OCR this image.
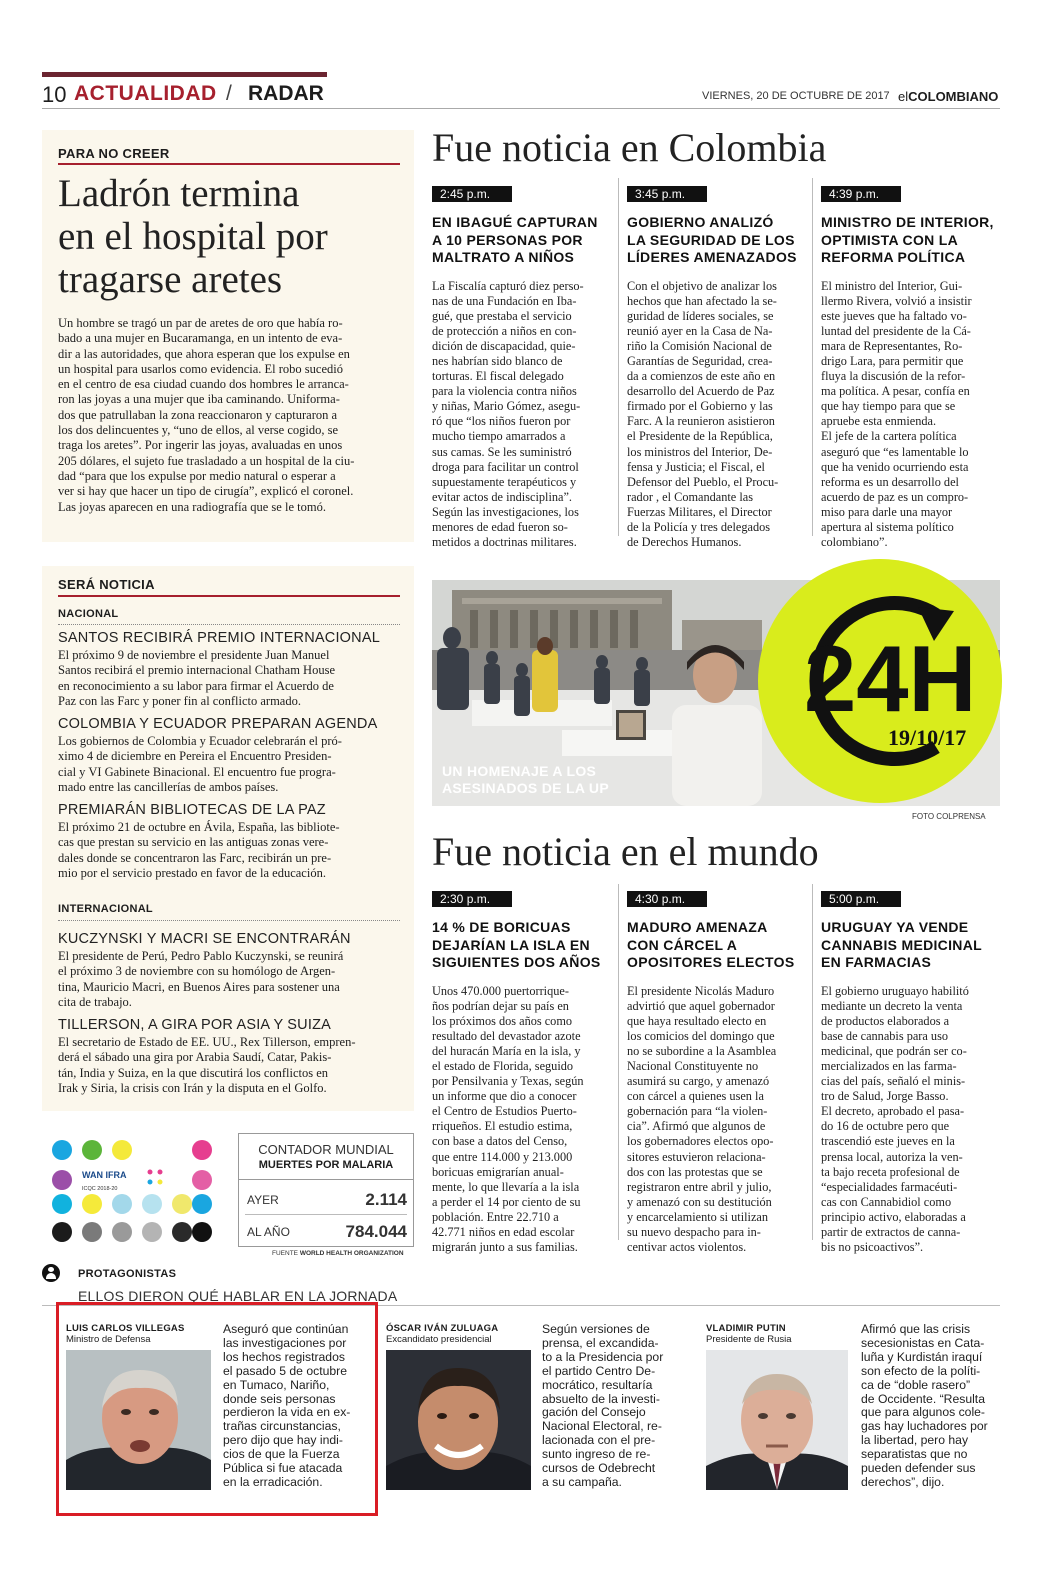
10 ACTUALIDAD / RADAR	VIERNES, 20 DE OCTUBRE DE 2017 elCOLOMBIANO
PARA NO CREER
Ladrón termina
en el hospital por
tragarse aretes
Un hombre se tragó un par de aretes de oro que había ro-
bado a una mujer en Bucaramanga, en un intento de eva-
dir a las autoridades, que ahora esperan que los expulse en
un hospital para usarlos como evidencia. El robo sucedió
en el centro de esa ciudad cuando dos hombres le arranca-
ron las joyas a una mujer que iba caminando. Uniforma-
dos que patrullaban la zona reaccionaron y capturaron a
los dos delincuentes y, “uno de ellos, al verse cogido, se
traga los aretes”. Por ingerir las joyas, avaluadas en unos
205 dólares, el sujeto fue trasladado a un hospital de la ciu-
dad “para que los expulse por medio natural o esperar a
ver si hay que hacer un tipo de cirugía”, explicó el coronel.
Las joyas aparecen en una radiografía que se le tomó.
SERÁ NOTICIA
NACIONAL
SANTOS RECIBIRÁ PREMIO INTERNACIONAL
El próximo 9 de noviembre el presidente Juan Manuel
Santos recibirá el premio internacional Chatham House
en reconocimiento a su labor para firmar el Acuerdo de
Paz con las Farc y poner fin al conflicto armado.
COLOMBIA Y ECUADOR PREPARAN AGENDA
Los gobiernos de Colombia y Ecuador celebrarán el pró-
ximo 4 de diciembre en Pereira el Encuentro Presiden-
cial y VI Gabinete Binacional. El encuentro fue progra-
mado entre las cancillerías de ambos países.
PREMIARÁN BIBLIOTECAS DE LA PAZ
El próximo 21 de octubre en Ávila, España, las bibliote-
cas que prestan su servicio en las antiguas zonas vere-
dales donde se concentraron las Farc, recibirán un pre-
mio por el servicio prestado en favor de la educación.
INTERNACIONAL
KUCZYNSKI Y MACRI SE ENCONTRARÁN
El presidente de Perú, Pedro Pablo Kuczynski, se reunirá
el próximo 3 de noviembre con su homólogo de Argen-
tina, Mauricio Macri, en Buenos Aires para sostener una
cita de trabajo.
TILLERSON, A GIRA POR ASIA Y SUIZA
El secretario de Estado de EE. UU., Rex Tillerson, empren-
derá el sábado una gira por Arabia Saudí, Catar, Pakis-
tán, India y Suiza, en la que discutirá los conflictos en
Irak y Siria, la crisis con Irán y la disputa en el Golfo.
Fue noticia en Colombia
2:45 p.m.
EN IBAGUÉ CAPTURAN
A 10 PERSONAS POR
MALTRATO A NIÑOS
La Fiscalía capturó diez perso-
nas de una Fundación en Iba-
gué, que prestaba el servicio
de protección a niños en con-
dición de discapacidad, quie-
nes habrían sido blanco de
torturas. El fiscal delegado
para la violencia contra niños
y niñas, Mario Gómez, asegu-
ró que “los niños fueron por
mucho tiempo amarrados a
sus camas. Se les suministró
droga para facilitar un control
supuestamente terapéuticos y
evitar actos de indisciplina”.
Según las investigaciones, los
menores de edad fueron so-
metidos a doctrinas militares.
3:45 p.m.
GOBIERNO ANALIZÓ
LA SEGURIDAD DE LOS
LÍDERES AMENAZADOS
Con el objetivo de analizar los
hechos que han afectado la se-
guridad de líderes sociales, se
reunió ayer en la Casa de Na-
riño la Comisión Nacional de
Garantías de Seguridad, crea-
da a comienzos de este año en
desarrollo del Acuerdo de Paz
firmado por el Gobierno y las
Farc. A la reunieron asistieron
el Presidente de la República,
los ministros del Interior, De-
fensa y Justicia; el Fiscal, el
Defensor del Pueblo, el Procu-
rador , el Comandante las
Fuerzas Militares, el Director
de la Policía y tres delegados
de Derechos Humanos.
4:39 p.m.
MINISTRO DE INTERIOR,
OPTIMISTA CON LA
REFORMA POLÍTICA
El ministro del Interior, Gui-
llermo Rivera, volvió a insistir
este jueves que ha faltado vo-
luntad del presidente de la Cá-
mara de Representantes, Ro-
drigo Lara, para permitir que
fluya la discusión de la refor-
ma política. A pesar, confía en
que hay tiempo para que se
apruebe esta enmienda.
El jefe de la cartera política
aseguró que “es lamentable lo
que ha venido ocurriendo esta
reforma es un desarrollo del
acuerdo de paz es un compro-
miso para darle una mayor
apertura al sistema político
colombiano”.
UN HOMENAJE A LOS
ASESINADOS DE LA UP
24H
19/10/17
FOTO COLPRENSA
Fue noticia en el mundo
2:30 p.m.
14 % DE BORICUAS
DEJARÍAN LA ISLA EN
SIGUIENTES DOS AÑOS
Unos 470.000 puertorrique-
ños podrían dejar su país en
los próximos dos años como
resultado del devastador azote
del huracán María en la isla, y
el estado de Florida, seguido
por Pensilvania y Texas, según
un informe que dio a conocer
el Centro de Estudios Puerto-
rriqueños. El estudio estima,
con base a datos del Censo,
que entre 114.000 y 213.000
boricuas emigrarían anual-
mente, lo que llevaría a la isla
a perder el 14 por ciento de su
población. Entre 22.710 a
42.771 niños en edad escolar
migrarán junto a sus familias.
4:30 p.m.
MADURO AMENAZA
CON CÁRCEL A
OPOSITORES ELECTOS
El presidente Nicolás Maduro
advirtió que aquel gobernador
que haya resultado electo en
los comicios del domingo que
no se subordine a la Asamblea
Nacional Constituyente no
asumirá su cargo, y amenazó
con cárcel a quienes usen la
gobernación para “la violen-
cia”. Afirmó que algunos de
los gobernadores electos opo-
sitores estuvieron relaciona-
dos con las protestas que se
registraron entre abril y julio,
y amenazó con su destitución
y encarcelamiento si utilizan
su nuevo despacho para in-
centivar actos violentos.
5:00 p.m.
URUGUAY YA VENDE
CANNABIS MEDICINAL
EN FARMACIAS
El gobierno uruguayo habilitó
mediante un decreto la venta
de productos elaborados a
base de cannabis para uso
medicinal, que podrán ser co-
mercializados en las farma-
cias del país, señaló el minis-
tro de Salud, Jorge Basso.
El decreto, aprobado el pasa-
do 16 de octubre pero que
trascendió este jueves en la
prensa local, autoriza la ven-
ta bajo receta profesional de
“especialidades farmacéuti-
cas con Cannabidiol como
principio activo, elaboradas a
partir de extractos de canna-
bis no psicoactivos”.
WAN IFRA
ICQC 2018-20
CONTADOR MUNDIAL
MUERTES POR MALARIA
AYER	2.114
AL AÑO	784.044
FUENTE WORLD HEALTH ORGANIZATION
PROTAGONISTAS
ELLOS DIERON QUÉ HABLAR EN LA JORNADA
LUIS CARLOS VILLEGAS
Ministro de Defensa
Aseguró que continúan
las investigaciones por
los hechos registrados
el pasado 5 de octubre
en Tumaco, Nariño,
donde seis personas
perdieron la vida en ex-
trañas circunstancias,
pero dijo que hay indi-
cios de que la Fuerza
Pública si fue atacada
en la erradicación.
ÓSCAR IVÁN ZULUAGA
Excandidato presidencial
Según versiones de
prensa, el excandida-
to a la Presidencia por
el partido Centro De-
mocrático, resultaría
absuelto de la investi-
gación del Consejo
Nacional Electoral, re-
lacionada con el pre-
sunto ingreso de re-
cursos de Odebrecht
a su campaña.
VLADIMIR PUTIN
Presidente de Rusia
Afirmó que las crisis
secesionistas en Cata-
luña y Kurdistán iraquí
son efecto de la políti-
ca de “doble rasero”
de Occidente. “Resulta
que para algunos cole-
gas hay luchadores por
la libertad, pero hay
separatistas que no
pueden defender sus
derechos”, dijo.
